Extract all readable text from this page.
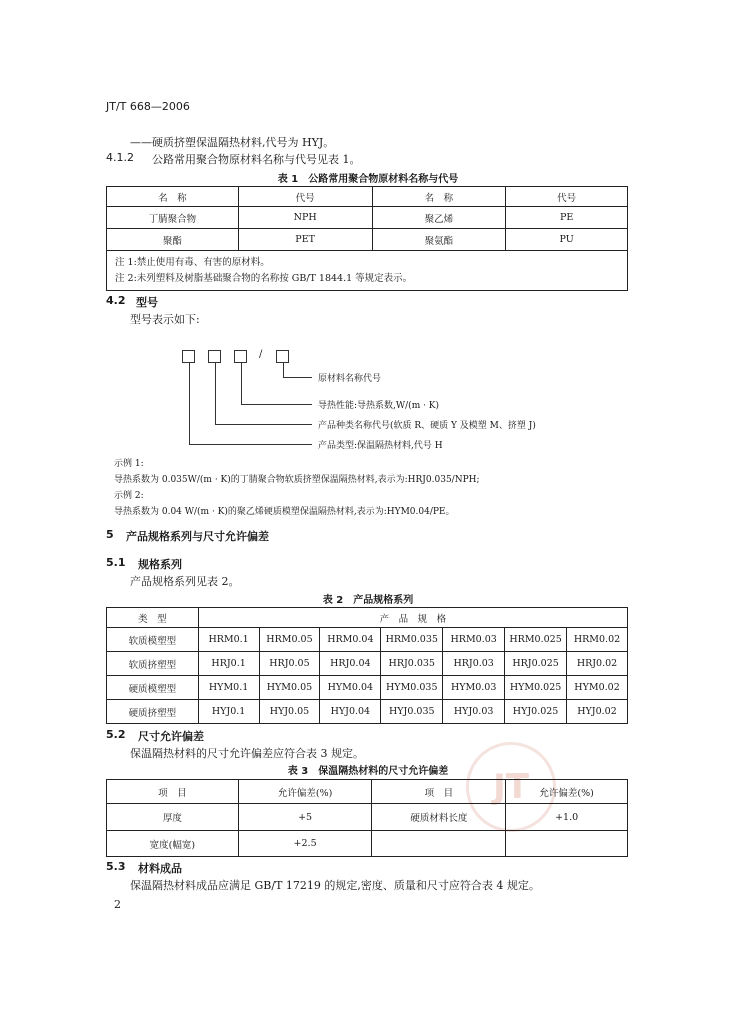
JT/T 668—2006
——硬质挤塑保温隔热材料,代号为 HYJ。
4.1.2 公路常用聚合物原材料名称与代号见表 1。
表 1　公路常用聚合物原材料名称与代号
名　称	代号	名　称	代号
丁腈聚合物	NPH	聚乙烯	PE
聚酯	PET	聚氨酯	PU

注 1:禁止使用有毒、有害的原材料。
注 2:未列塑料及树脂基础聚合物的名称按 GB/T 1844.1 等规定表示。			
4.2 型号
型号表示如下:
/
原材料名称代号
导热性能:导热系数,W/(m · K)
产品种类名称代号(软质 R、硬质 Y 及模塑 M、挤塑 J)
产品类型:保温隔热材料,代号 H
示例 1:
导热系数为 0.035W/(m · K)的丁腈聚合物软质挤塑保温隔热材料,表示为:HRJ0.035/NPH;
示例 2:
导热系数为 0.04 W/(m · K)的聚乙烯硬质模塑保温隔热材料,表示为:HYM0.04/PE。
5 产品规格系列与尺寸允许偏差
5.1 规格系列
产品规格系列见表 2。
表 2　产品规格系列
类　型	产　品　规　格						
软质模塑型	HRM0.1	HRM0.05	HRM0.04	HRM0.035	HRM0.03	HRM0.025	HRM0.02
软质挤塑型	HRJ0.1	HRJ0.05	HRJ0.04	HRJ0.035	HRJ0.03	HRJ0.025	HRJ0.02
硬质模塑型	HYM0.1	HYM0.05	HYM0.04	HYM0.035	HYM0.03	HYM0.025	HYM0.02
硬质挤塑型	HYJ0.1	HYJ0.05	HYJ0.04	HYJ0.035	HYJ0.03	HYJ0.025	HYJ0.02
5.2 尺寸允许偏差
保温隔热材料的尺寸允许偏差应符合表 3 规定。
JT
表 3　保温隔热材料的尺寸允许偏差
项　目	允许偏差(%)	项　目	允许偏差(%)
厚度	+5	硬质材料长度	+1.0
宽度(幅宽)	+2.5		
5.3 材料成品
保温隔热材料成品应满足 GB/T 17219 的规定,密度、质量和尺寸应符合表 4 规定。
2
